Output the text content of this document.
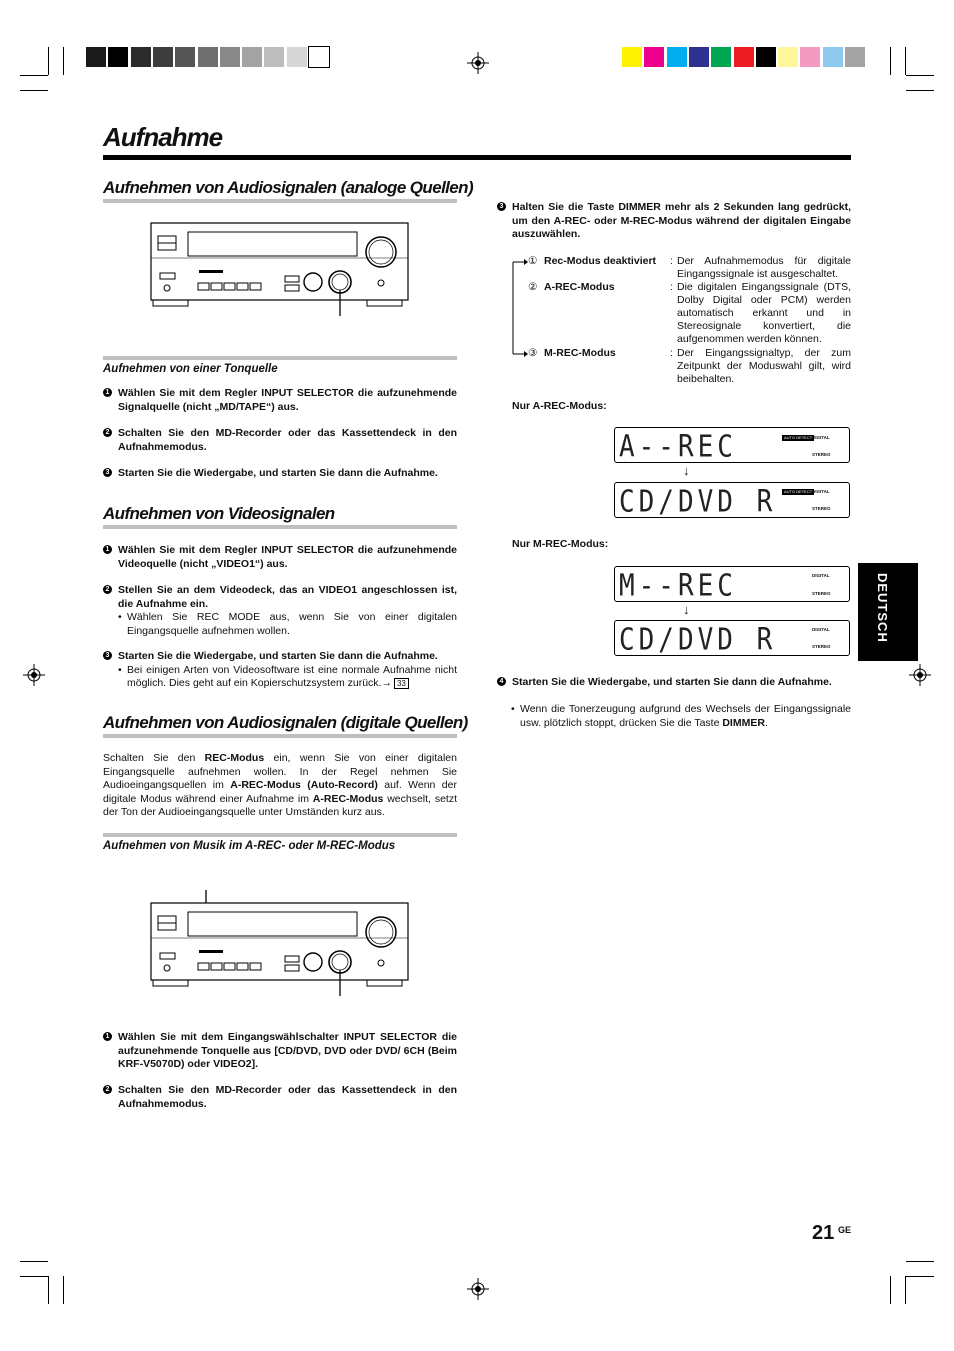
Aufnahme
Aufnehmen von Audiosignalen (analoge Quellen)
Aufnehmen von einer Tonquelle
1 Wählen Sie mit dem Regler INPUT SELECTOR die aufzunehmende Signalquelle (nicht „MD/TAPE“) aus.
2 Schalten Sie den MD-Recorder oder das Kassettendeck in den Aufnahmemodus.
3 Starten Sie die Wiedergabe, und starten Sie dann die Aufnahme.
Aufnehmen von Videosignalen
1 Wählen Sie mit dem Regler INPUT SELECTOR die aufzunehmende Videoquelle (nicht „VIDEO1“) aus.
2 Stellen Sie an dem Videodeck, das an VIDEO1 angeschlossen ist, die Aufnahme ein.
• Wählen Sie REC MODE aus, wenn Sie von einer digitalen Eingangsquelle aufnehmen wollen.
3 Starten Sie die Wiedergabe, und starten Sie dann die Aufnahme.
• Bei einigen Arten von Videosoftware ist eine normale Aufnahme nicht möglich. Dies geht auf ein Kopierschutzsystem zurück.→ 33
Aufnehmen von Audiosignalen (digitale Quellen)
Schalten Sie den REC-Modus ein, wenn Sie von einer digitalen Eingangsquelle aufnehmen wollen. In der Regel nehmen Sie Audioeingangsquellen im A-REC-Modus (Auto-Record) auf. Wenn der digitale Modus während einer Aufnahme im A-REC-Modus wechselt, setzt der Ton der Audioeingangsquelle unter Umständen kurz aus.
Aufnehmen von Musik im A-REC- oder M-REC-Modus
1 Wählen Sie mit dem Eingangswählschalter INPUT SELECTOR die aufzunehmende Tonquelle aus [CD/DVD, DVD oder DVD/ 6CH (Beim KRF-V5070D) oder VIDEO2].
2 Schalten Sie den MD-Recorder oder das Kassettendeck in den Aufnahmemodus.
3 Halten Sie die Taste DIMMER mehr als 2 Sekunden lang gedrückt, um den A-REC- oder M-REC-Modus während der digitalen Eingabe auszuwählen.
① Rec-Modus deaktiviert : Der Aufnahmemodus für digitale Eingangssignale ist ausgeschaltet.
② A-REC-Modus	: Die digitalen Eingangssignale (DTS, Dolby Digital oder PCM) werden automatisch erkannt und in Stereosignale konvertiert, die aufgenommen werden können.
③ M-REC-Modus	: Der Eingangssignaltyp, der zum Zeitpunkt der Moduswahl gilt, wird beibehalten.
Nur A-REC-Modus:
A--REC	AUTO DETECT DIGITAL
STEREO
↓
CD/DVD R	AUTO DETECT DIGITAL
STEREO
Nur M-REC-Modus:
M--REC	DIGITAL
STEREO
↓
CD/DVD R	DIGITAL
STEREO
4 Starten Sie die Wiedergabe, und starten Sie dann die Aufnahme.
• Wenn die Tonerzeugung aufgrund des Wechsels der Eingangssignale usw. plötzlich stoppt, drücken Sie die Taste DIMMER.
DEUTSCH
21 GE
